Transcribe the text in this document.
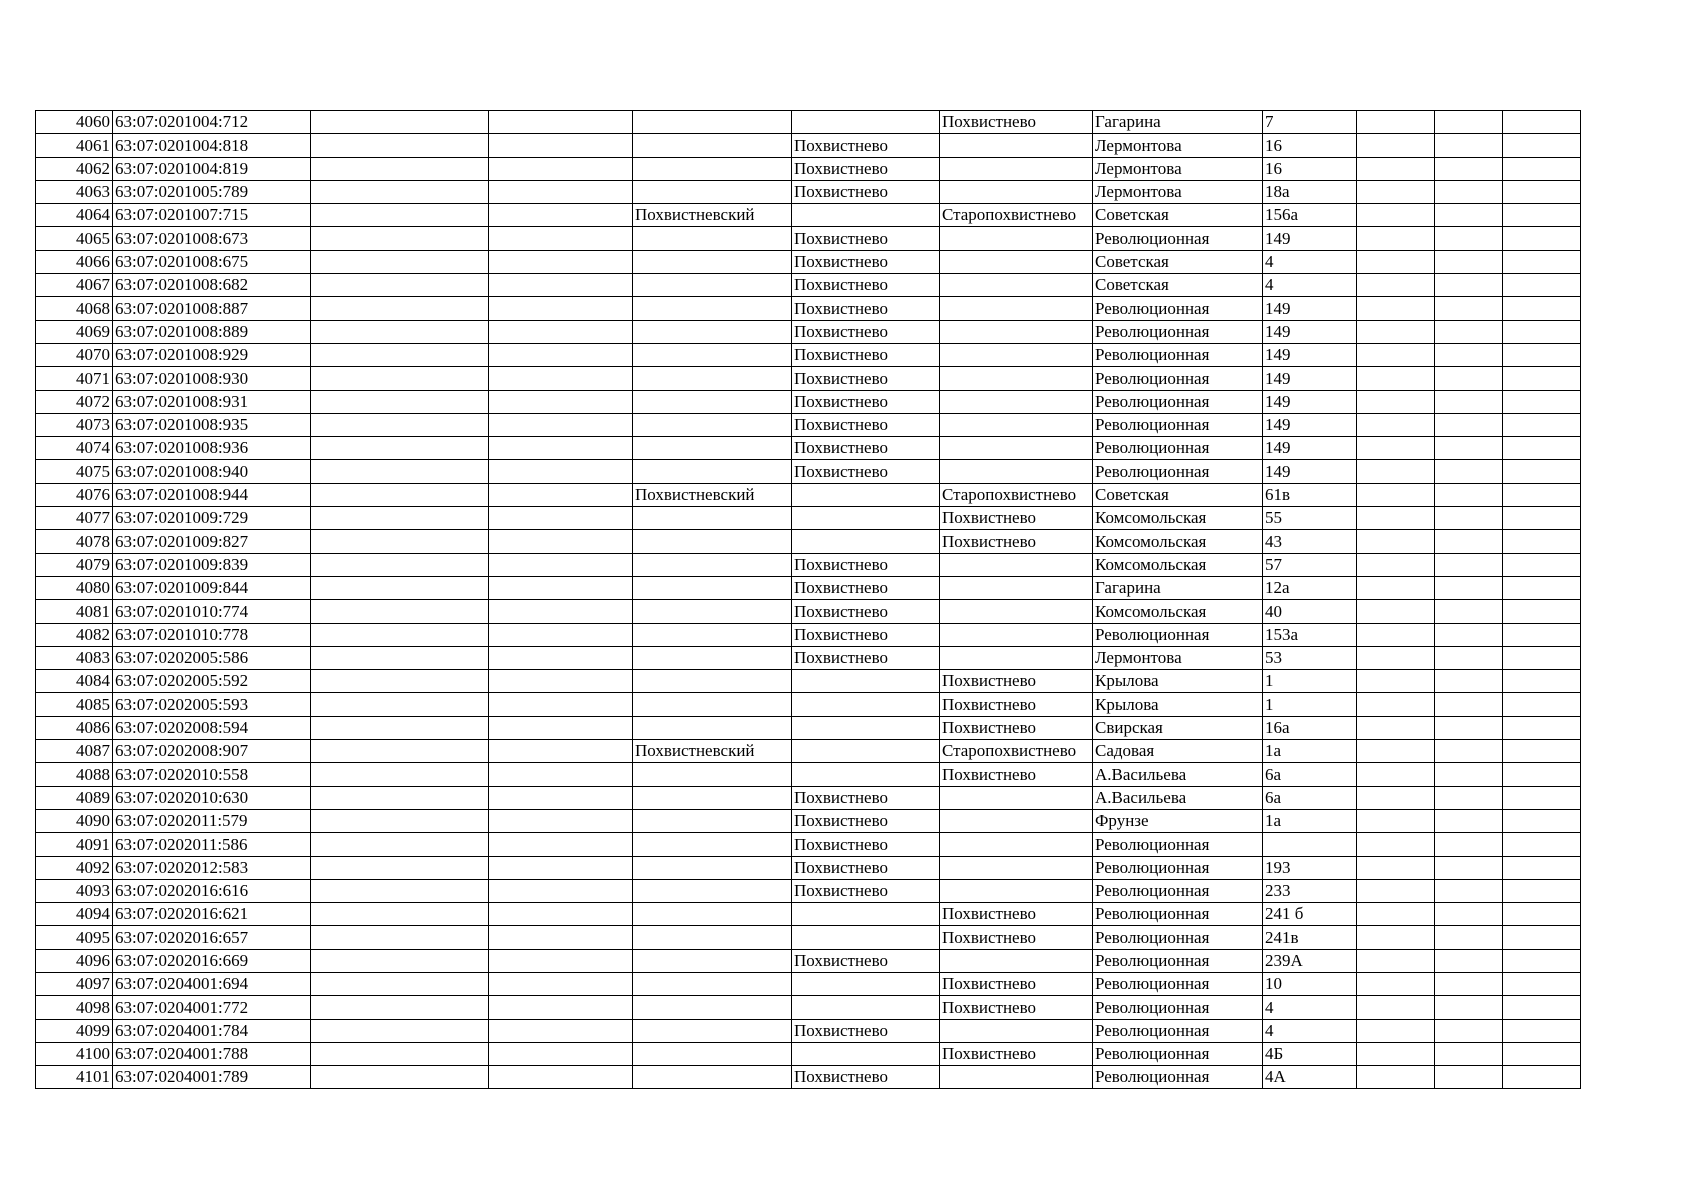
4060	63:07:0201004:712					Похвистнево	Гагарина	7			
4061	63:07:0201004:818				Похвистнево		Лермонтова	16			
4062	63:07:0201004:819				Похвистнево		Лермонтова	16			
4063	63:07:0201005:789				Похвистнево		Лермонтова	18а			
4064	63:07:0201007:715			Похвистневский		Старопохвистнево	Советская	156а			
4065	63:07:0201008:673				Похвистнево		Революционная	149			
4066	63:07:0201008:675				Похвистнево		Советская	4			
4067	63:07:0201008:682				Похвистнево		Советская	4			
4068	63:07:0201008:887				Похвистнево		Революционная	149			
4069	63:07:0201008:889				Похвистнево		Революционная	149			
4070	63:07:0201008:929				Похвистнево		Революционная	149			
4071	63:07:0201008:930				Похвистнево		Революционная	149			
4072	63:07:0201008:931				Похвистнево		Революционная	149			
4073	63:07:0201008:935				Похвистнево		Революционная	149			
4074	63:07:0201008:936				Похвистнево		Революционная	149			
4075	63:07:0201008:940				Похвистнево		Революционная	149			
4076	63:07:0201008:944			Похвистневский		Старопохвистнево	Советская	61в			
4077	63:07:0201009:729					Похвистнево	Комсомольская	55			
4078	63:07:0201009:827					Похвистнево	Комсомольская	43			
4079	63:07:0201009:839				Похвистнево		Комсомольская	57			
4080	63:07:0201009:844				Похвистнево		Гагарина	12а			
4081	63:07:0201010:774				Похвистнево		Комсомольская	40			
4082	63:07:0201010:778				Похвистнево		Революционная	153а			
4083	63:07:0202005:586				Похвистнево		Лермонтова	53			
4084	63:07:0202005:592					Похвистнево	Крылова	1			
4085	63:07:0202005:593					Похвистнево	Крылова	1			
4086	63:07:0202008:594					Похвистнево	Свирская	16а			
4087	63:07:0202008:907			Похвистневский		Старопохвистнево	Садовая	1а			
4088	63:07:0202010:558					Похвистнево	А.Васильева	6а			
4089	63:07:0202010:630				Похвистнево		А.Васильева	6а			
4090	63:07:0202011:579				Похвистнево		Фрунзе	1а			
4091	63:07:0202011:586				Похвистнево		Революционная				
4092	63:07:0202012:583				Похвистнево		Революционная	193			
4093	63:07:0202016:616				Похвистнево		Революционная	233			
4094	63:07:0202016:621					Похвистнево	Революционная	241 б			
4095	63:07:0202016:657					Похвистнево	Революционная	241в			
4096	63:07:0202016:669				Похвистнево		Революционная	239А			
4097	63:07:0204001:694					Похвистнево	Революционная	10			
4098	63:07:0204001:772					Похвистнево	Революционная	4			
4099	63:07:0204001:784				Похвистнево		Революционная	4			
4100	63:07:0204001:788					Похвистнево	Революционная	4Б			
4101	63:07:0204001:789				Похвистнево		Революционная	4А			
